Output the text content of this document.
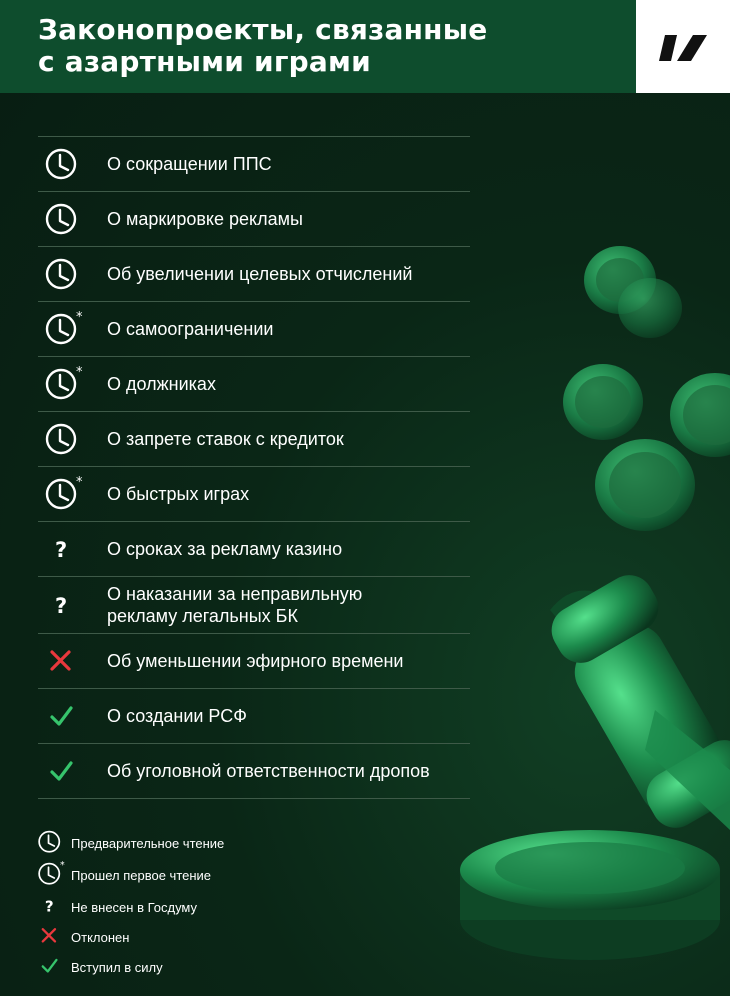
Законопроекты, связанные
с азартными играми
О сокращении ППС
О маркировке рекламы
Об увеличении целевых отчислений
*
О самоограничении
*
О должниках
О запрете ставок с кредиток
*
О быстрых играх
? О сроках за рекламу казино
? О наказании за неправильную
рекламу легальных БК
Об уменьшении эфирного времени
О создании РСФ
Об уголовной ответственности дропов
Предварительное чтение
*
Прошел первое чтение
? Не внесен в Госдуму
Отклонен
Вступил в силу
